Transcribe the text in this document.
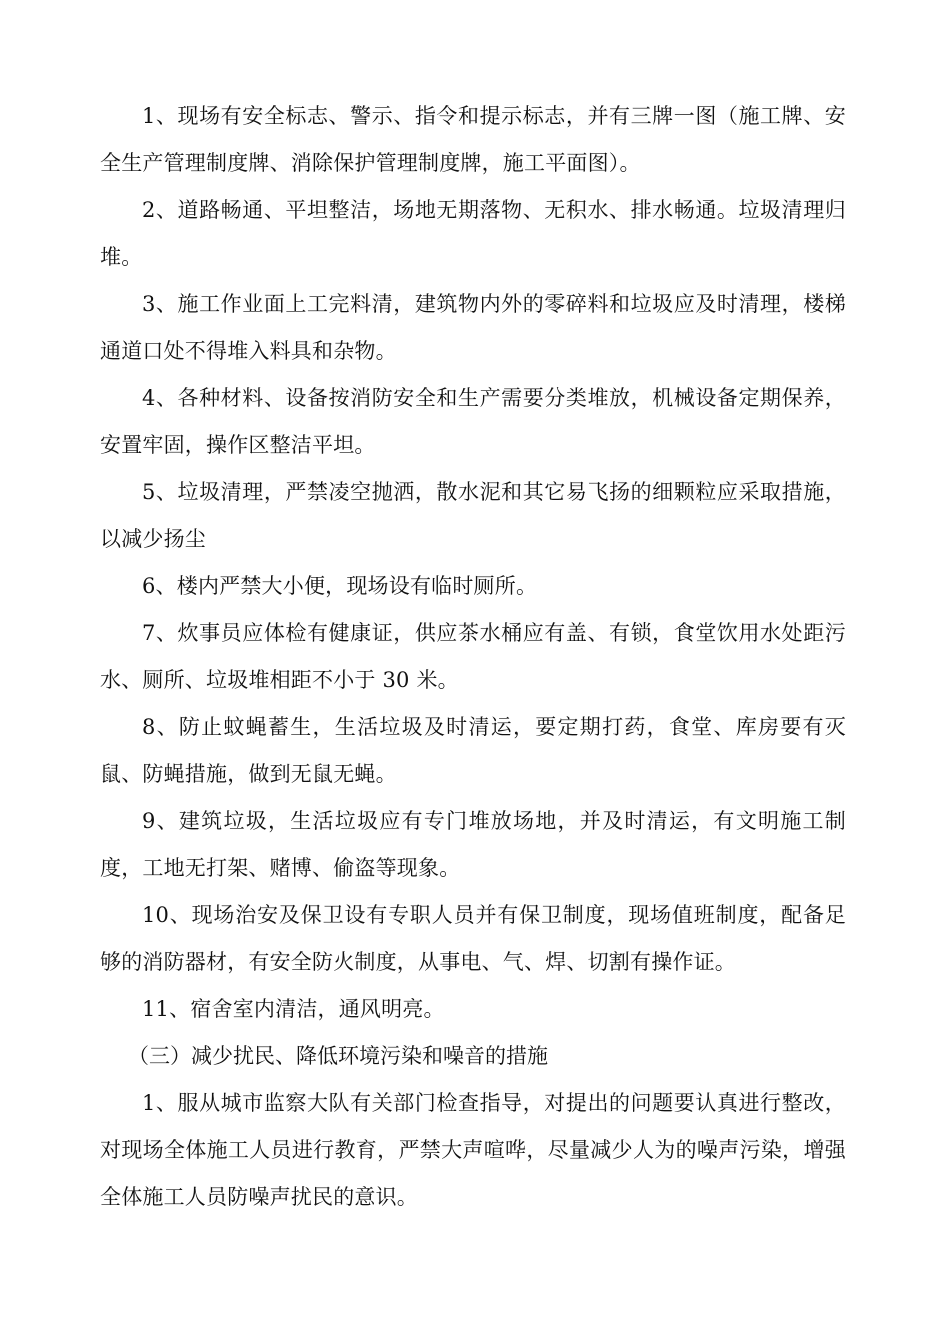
1、现场有安全标志、警示、指令和提示标志，并有三牌一图（施工牌、安全生产管理制度牌、消除保护管理制度牌，施工平面图）。

2、道路畅通、平坦整洁，场地无期落物、无积水、排水畅通。垃圾清理归堆。

3、施工作业面上工完料清，建筑物内外的零碎料和垃圾应及时清理，楼梯通道口处不得堆入料具和杂物。

4、各种材料、设备按消防安全和生产需要分类堆放，机械设备定期保养，安置牢固，操作区整洁平坦。

5、垃圾清理，严禁凌空抛洒，散水泥和其它易飞扬的细颗粒应采取措施，以减少扬尘

6、楼内严禁大小便，现场设有临时厕所。

7、炊事员应体检有健康证，供应茶水桶应有盖、有锁，食堂饮用水处距污水、厕所、垃圾堆相距不小于 30 米。

8、防止蚊蝇蓄生，生活垃圾及时清运，要定期打药，食堂、库房要有灭鼠、防蝇措施，做到无鼠无蝇。

9、建筑垃圾，生活垃圾应有专门堆放场地，并及时清运，有文明施工制度，工地无打架、赌博、偷盗等现象。

10、现场治安及保卫设有专职人员并有保卫制度，现场值班制度，配备足够的消防器材，有安全防火制度，从事电、气、焊、切割有操作证。

11、宿舍室内清洁，通风明亮。

（三）减少扰民、降低环境污染和噪音的措施

1、服从城市监察大队有关部门检查指导，对提出的问题要认真进行整改，对现场全体施工人员进行教育，严禁大声喧哗，尽量减少人为的噪声污染，增强全体施工人员防噪声扰民的意识。
